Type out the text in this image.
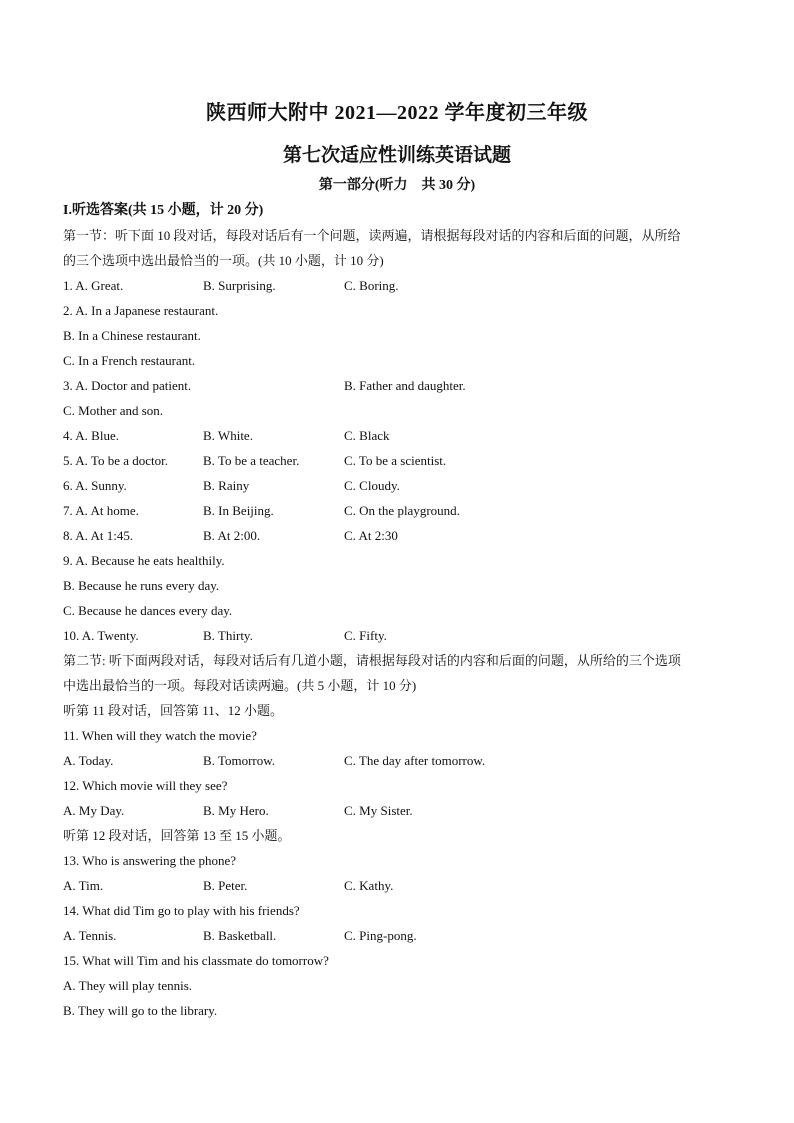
陕西师大附中 2021—2022 学年度初三年级
第七次适应性训练英语试题
第一部分(听力　共 30 分)
I.听选答案(共 15 小题，计 20 分)
第一节：听下面 10 段对话，每段对话后有一个问题，读两遍，请根据每段对话的内容和后面的问题，从所给
的三个选项中选出最恰当的一项。(共 10 小题，计 10 分)
1. A. Great.	B. Surprising.	C. Boring.
2. A. In a Japanese restaurant.
B. In a Chinese restaurant.
C. In a French restaurant.
3. A. Doctor and patient.	B. Father and daughter.
C. Mother and son.
4. A. Blue.	B. White.	C. Black
5. A. To be a doctor.	B. To be a teacher.	C. To be a scientist.
6. A. Sunny.	B. Rainy	C. Cloudy.
7. A. At home.	B. In Beijing.	C. On the playground.
8. A. At 1:45.	B. At 2:00.	C. At 2:30
9. A. Because he eats healthily.
B. Because he runs every day.
C. Because he dances every day.
10. A. Twenty.	B. Thirty.	C. Fifty.
第二节: 听下面两段对话，每段对话后有几道小题，请根据每段对话的内容和后面的问题，从所给的三个选项
中选出最恰当的一项。每段对话读两遍。(共 5 小题，计 10 分)
听第 11 段对话，回答第 11、12 小题。
11. When will they watch the movie?
A. Today.	B. Tomorrow.	C. The day after tomorrow.
12. Which movie will they see?
A. My Day.	B. My Hero.	C. My Sister.
听第 12 段对话，回答第 13 至 15 小题。
13. Who is answering the phone?
A. Tim.	B. Peter.	C. Kathy.
14. What did Tim go to play with his friends?
A. Tennis.	B. Basketball.	C. Ping-pong.
15. What will Tim and his classmate do tomorrow?
A. They will play tennis.
B. They will go to the library.
